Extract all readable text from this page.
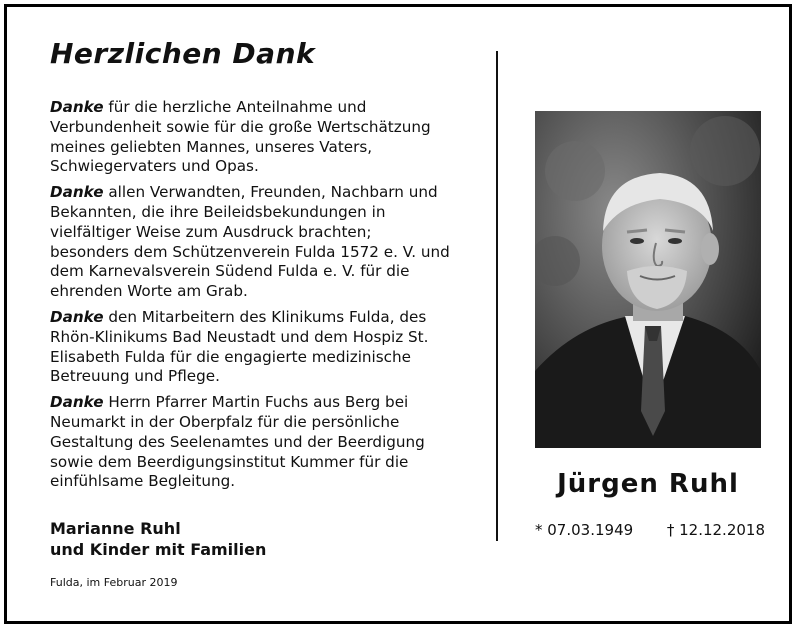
Herzlichen Dank

Danke für die herzliche Anteilnahme und Verbundenheit sowie für die große Wertschätzung meines geliebten Mannes, unseres Vaters, Schwiegervaters und Opas.

Danke allen Verwandten, Freunden, Nachbarn und Bekannten, die ihre Beileidsbekundungen in vielfältiger Weise zum Ausdruck brachten; besonders dem Schützenverein Fulda 1572 e. V. und dem Karnevalsverein Südend Fulda e. V. für die ehrenden Worte am Grab.

Danke den Mitarbeitern des Klinikums Fulda, des Rhön-Klinikums Bad Neustadt und dem Hospiz St. Elisabeth Fulda für die engagierte medizinische Betreuung und Pflege.

Danke Herrn Pfarrer Martin Fuchs aus Berg bei Neumarkt in der Oberpfalz für die persönliche Gestaltung des Seelenamtes und der Beerdigung sowie dem Beerdigungsinstitut Kummer für die einfühlsame Begleitung.

Marianne Ruhl
und Kinder mit Familien
Fulda, im Februar 2019
Jürgen Ruhl
* 07.03.1949 † 12.12.2018
